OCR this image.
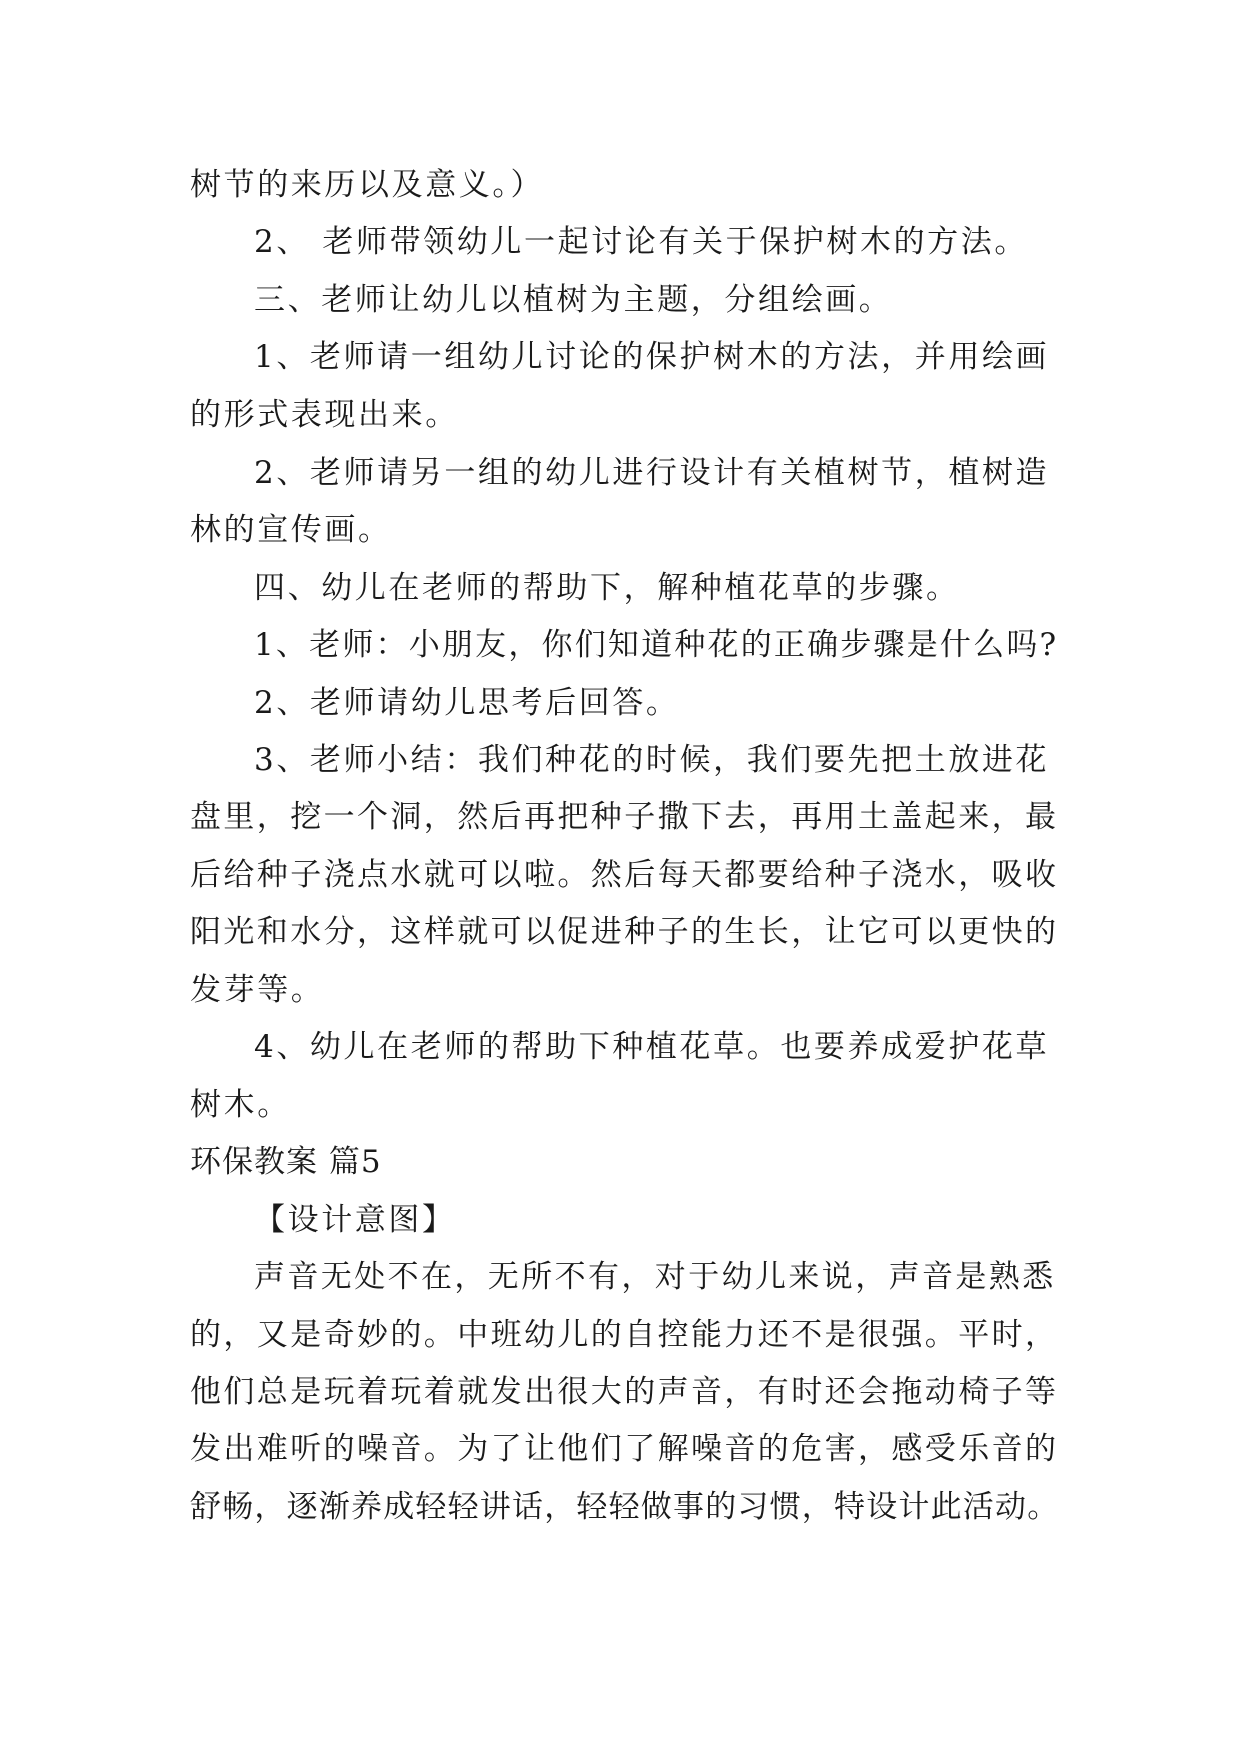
树节的来历以及意义。）
2、 老师带领幼儿一起讨论有关于保护树木的方法。
三、老师让幼儿以植树为主题，分组绘画。
1、老师请一组幼儿讨论的保护树木的方法，并用绘画
的形式表现出来。
2、老师请另一组的幼儿进行设计有关植树节，植树造
林的宣传画。
四、幼儿在老师的帮助下，解种植花草的步骤。
1、老师：小朋友，你们知道种花的正确步骤是什么吗?
2、老师请幼儿思考后回答。
3、老师小结：我们种花的时候，我们要先把土放进花
盘里，挖一个洞，然后再把种子撒下去，再用土盖起来，最
后给种子浇点水就可以啦。然后每天都要给种子浇水，吸收
阳光和水分，这样就可以促进种子的生长，让它可以更快的
发芽等。
4、幼儿在老师的帮助下种植花草。也要养成爱护花草
树木。
环保教案 篇5
【设计意图】
声音无处不在，无所不有，对于幼儿来说，声音是熟悉
的，又是奇妙的。中班幼儿的自控能力还不是很强。平时，
他们总是玩着玩着就发出很大的声音，有时还会拖动椅子等
发出难听的噪音。为了让他们了解噪音的危害，感受乐音的
舒畅，逐渐养成轻轻讲话，轻轻做事的习惯，特设计此活动。
